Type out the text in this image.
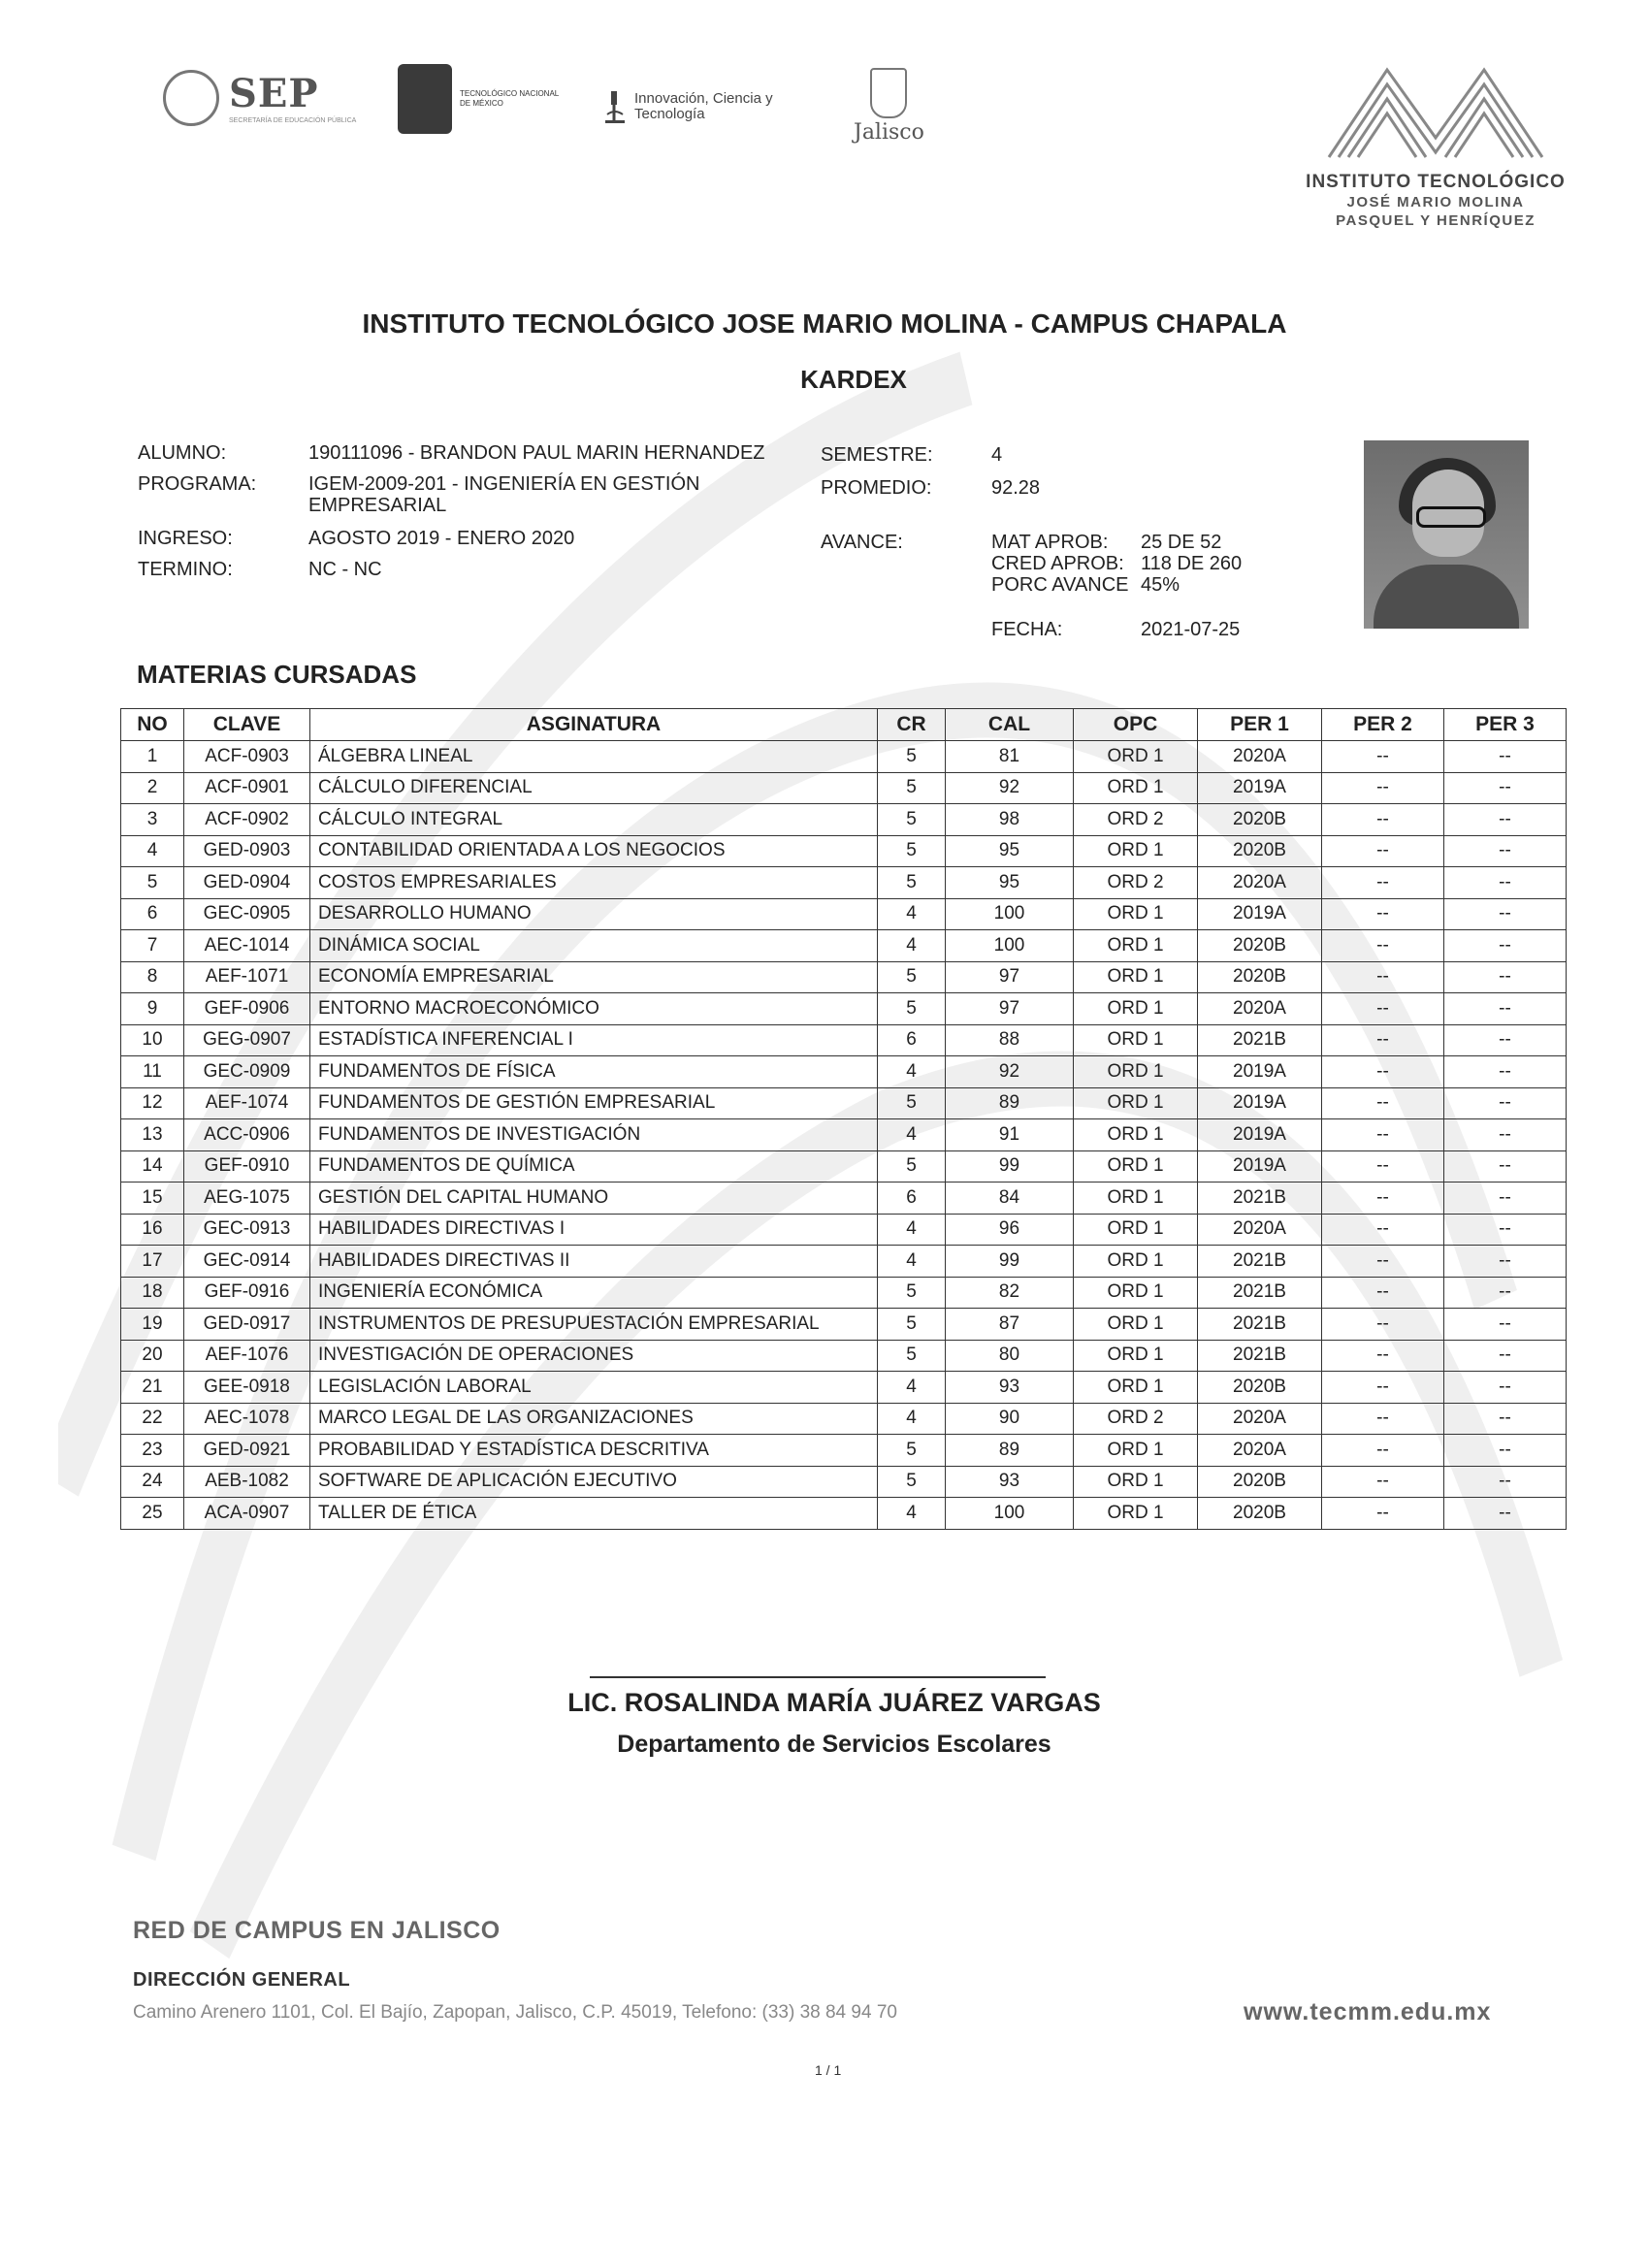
SEP
SECRETARÍA DE EDUCACIÓN PÚBLICA
TECNOLÓGICO NACIONAL DE MÉXICO	Innovación, Ciencia y Tecnología
Jalisco
INSTITUTO TECNOLÓGICO
JOSÉ MARIO MOLINA
PASQUEL Y HENRÍQUEZ
INSTITUTO TECNOLÓGICO JOSE MARIO MOLINA - CAMPUS CHAPALA
KARDEX
ALUMNO:	190111096 - BRANDON PAUL MARIN HERNANDEZ
PROGRAMA:	IGEM-2009-201 - INGENIERÍA EN GESTIÓN
EMPRESARIAL
INGRESO:	AGOSTO 2019 - ENERO 2020
TERMINO:	NC - NC
SEMESTRE:	4
PROMEDIO:	92.28
AVANCE:	MAT APROB: 25 DE 52
CRED APROB: 118 DE 260
PORC AVANCE 45%
FECHA:	2021-07-25
MATERIAS CURSADAS
NO	CLAVE	ASGINATURA	CR	CAL	OPC	PER 1	PER 2	PER 3
1	ACF-0903	ÁLGEBRA LINEAL	5	81	ORD 1	2020A	--	--
2	ACF-0901	CÁLCULO DIFERENCIAL	5	92	ORD 1	2019A	--	--
3	ACF-0902	CÁLCULO INTEGRAL	5	98	ORD 2	2020B	--	--
4	GED-0903	CONTABILIDAD ORIENTADA A LOS NEGOCIOS	5	95	ORD 1	2020B	--	--
5	GED-0904	COSTOS EMPRESARIALES	5	95	ORD 2	2020A	--	--
6	GEC-0905	DESARROLLO HUMANO	4	100	ORD 1	2019A	--	--
7	AEC-1014	DINÁMICA SOCIAL	4	100	ORD 1	2020B	--	--
8	AEF-1071	ECONOMÍA EMPRESARIAL	5	97	ORD 1	2020B	--	--
9	GEF-0906	ENTORNO MACROECONÓMICO	5	97	ORD 1	2020A	--	--
10	GEG-0907	ESTADÍSTICA INFERENCIAL I	6	88	ORD 1	2021B	--	--
11	GEC-0909	FUNDAMENTOS DE FÍSICA	4	92	ORD 1	2019A	--	--
12	AEF-1074	FUNDAMENTOS DE GESTIÓN EMPRESARIAL	5	89	ORD 1	2019A	--	--
13	ACC-0906	FUNDAMENTOS DE INVESTIGACIÓN	4	91	ORD 1	2019A	--	--
14	GEF-0910	FUNDAMENTOS DE QUÍMICA	5	99	ORD 1	2019A	--	--
15	AEG-1075	GESTIÓN DEL CAPITAL HUMANO	6	84	ORD 1	2021B	--	--
16	GEC-0913	HABILIDADES DIRECTIVAS I	4	96	ORD 1	2020A	--	--
17	GEC-0914	HABILIDADES DIRECTIVAS II	4	99	ORD 1	2021B	--	--
18	GEF-0916	INGENIERÍA ECONÓMICA	5	82	ORD 1	2021B	--	--
19	GED-0917	INSTRUMENTOS DE PRESUPUESTACIÓN EMPRESARIAL	5	87	ORD 1	2021B	--	--
20	AEF-1076	INVESTIGACIÓN DE OPERACIONES	5	80	ORD 1	2021B	--	--
21	GEE-0918	LEGISLACIÓN LABORAL	4	93	ORD 1	2020B	--	--
22	AEC-1078	MARCO LEGAL DE LAS ORGANIZACIONES	4	90	ORD 2	2020A	--	--
23	GED-0921	PROBABILIDAD Y ESTADÍSTICA DESCRITIVA	5	89	ORD 1	2020A	--	--
24	AEB-1082	SOFTWARE DE APLICACIÓN EJECUTIVO	5	93	ORD 1	2020B	--	--
25	ACA-0907	TALLER DE ÉTICA	4	100	ORD 1	2020B	--	--
LIC. ROSALINDA MARÍA JUÁREZ VARGAS
Departamento de Servicios Escolares
RED DE CAMPUS EN JALISCO
DIRECCIÓN GENERAL
Camino Arenero 1101, Col. El Bajío, Zapopan, Jalisco, C.P. 45019, Telefono: (33) 38 84 94 70	www.tecmm.edu.mx
1 / 1
